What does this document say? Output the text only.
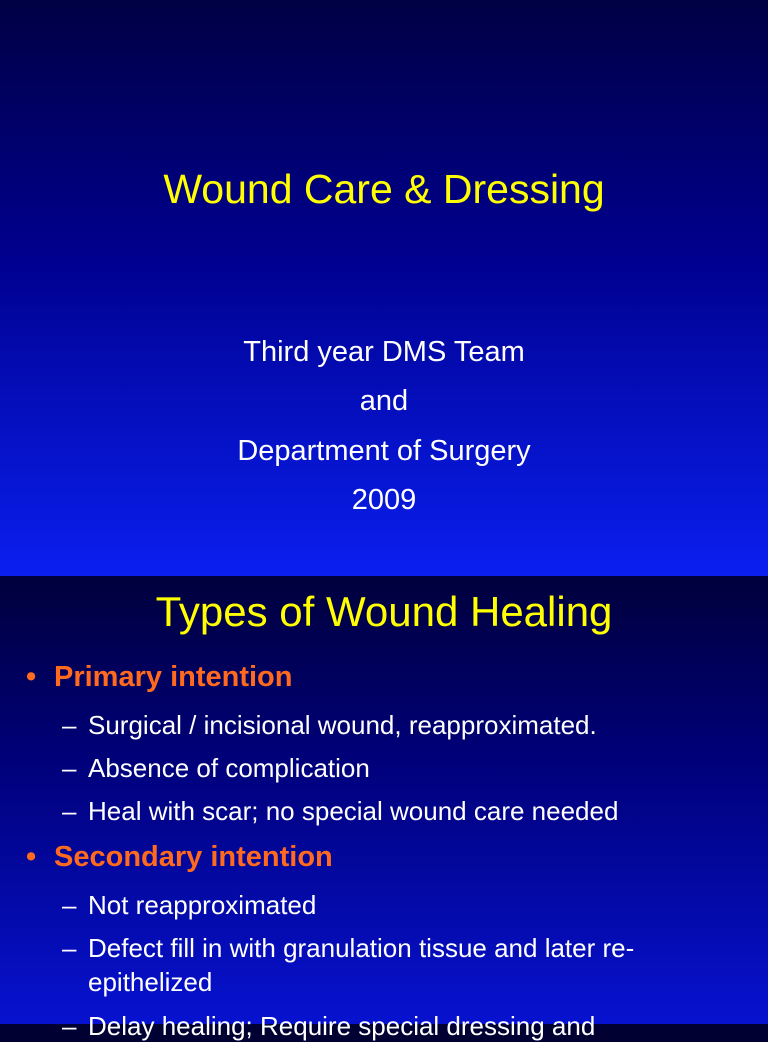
Wound Care & Dressing
Third year DMS Team
and
Department of Surgery
2009
Types of Wound Healing
• Primary intention
– Surgical / incisional wound, reapproximated.
– Absence of complication
– Heal with scar; no special wound care needed
• Secondary intention
– Not reapproximated
– Defect fill in with granulation tissue and later re-
epithelized
– Delay healing; Require special dressing and
